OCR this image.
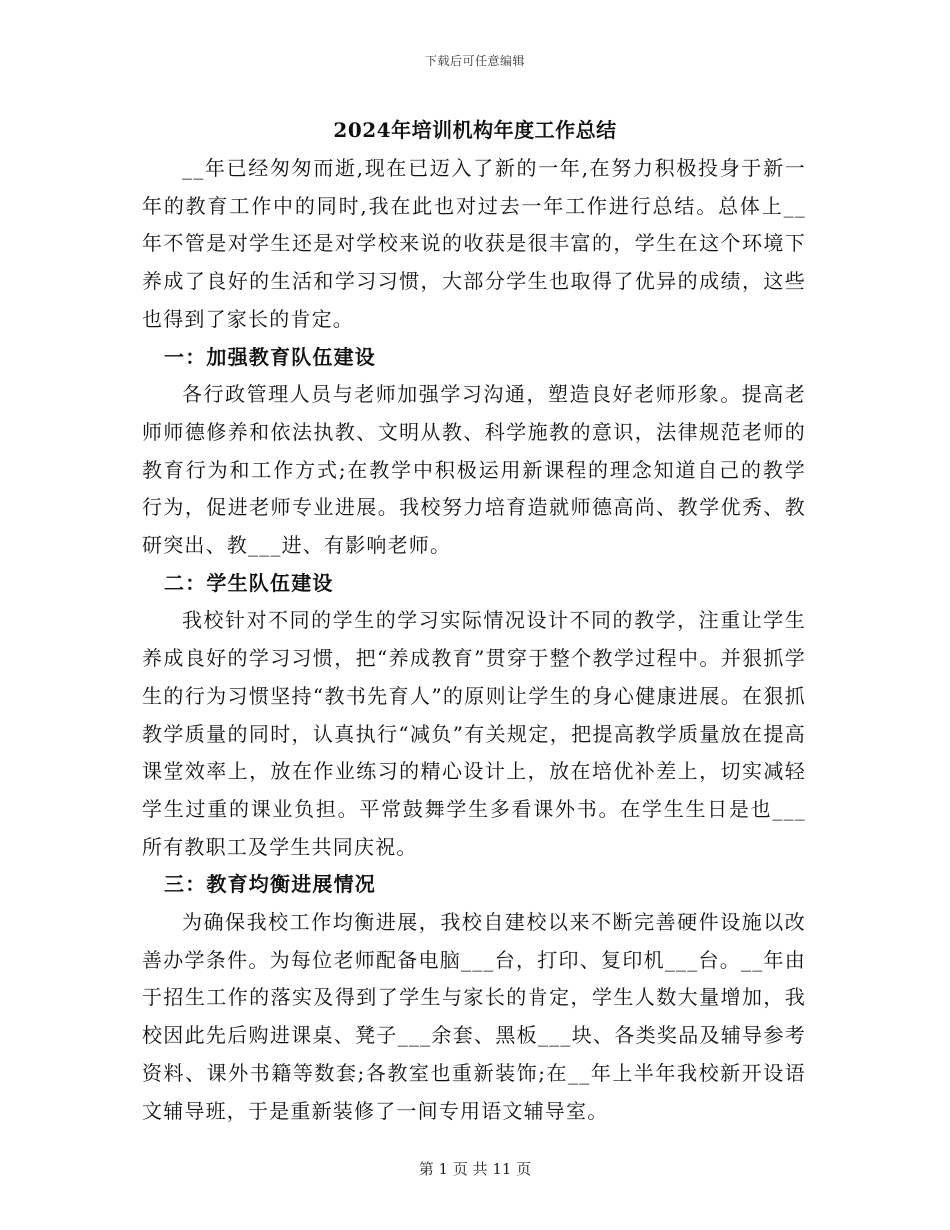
下载后可任意编辑
2024年培训机构年度工作总结

__年已经匆匆而逝,现在已迈入了新的一年,在努力积极投身于新一年的教育工作中的同时,我在此也对过去一年工作进行总结。总体上__年不管是对学生还是对学校来说的收获是很丰富的，学生在这个环境下养成了良好的生活和学习习惯，大部分学生也取得了优异的成绩，这些也得到了家长的肯定。

一：加强教育队伍建设

各行政管理人员与老师加强学习沟通，塑造良好老师形象。提高老师师德修养和依法执教、文明从教、科学施教的意识，法律规范老师的教育行为和工作方式;在教学中积极运用新课程的理念知道自己的教学行为，促进老师专业进展。我校努力培育造就师德高尚、教学优秀、教研突出、教___进、有影响老师。

二：学生队伍建设

我校针对不同的学生的学习实际情况设计不同的教学，注重让学生养成良好的学习习惯，把“养成教育”贯穿于整个教学过程中。并狠抓学生的行为习惯坚持“教书先育人”的原则让学生的身心健康进展。在狠抓教学质量的同时，认真执行“减负”有关规定，把提高教学质量放在提高课堂效率上，放在作业练习的精心设计上，放在培优补差上，切实减轻学生过重的课业负担。平常鼓舞学生多看课外书。在学生生日是也___所有教职工及学生共同庆祝。

三：教育均衡进展情况

为确保我校工作均衡进展，我校自建校以来不断完善硬件设施以改善办学条件。为每位老师配备电脑___台，打印、复印机___台。__年由于招生工作的落实及得到了学生与家长的肯定，学生人数大量增加，我校因此先后购进课桌、凳子___余套、黑板___块、各类奖品及辅导参考资料、课外书籍等数套;各教室也重新装饰;在__年上半年我校新开设语文辅导班，于是重新装修了一间专用语文辅导室。

第 1 页 共 11 页
